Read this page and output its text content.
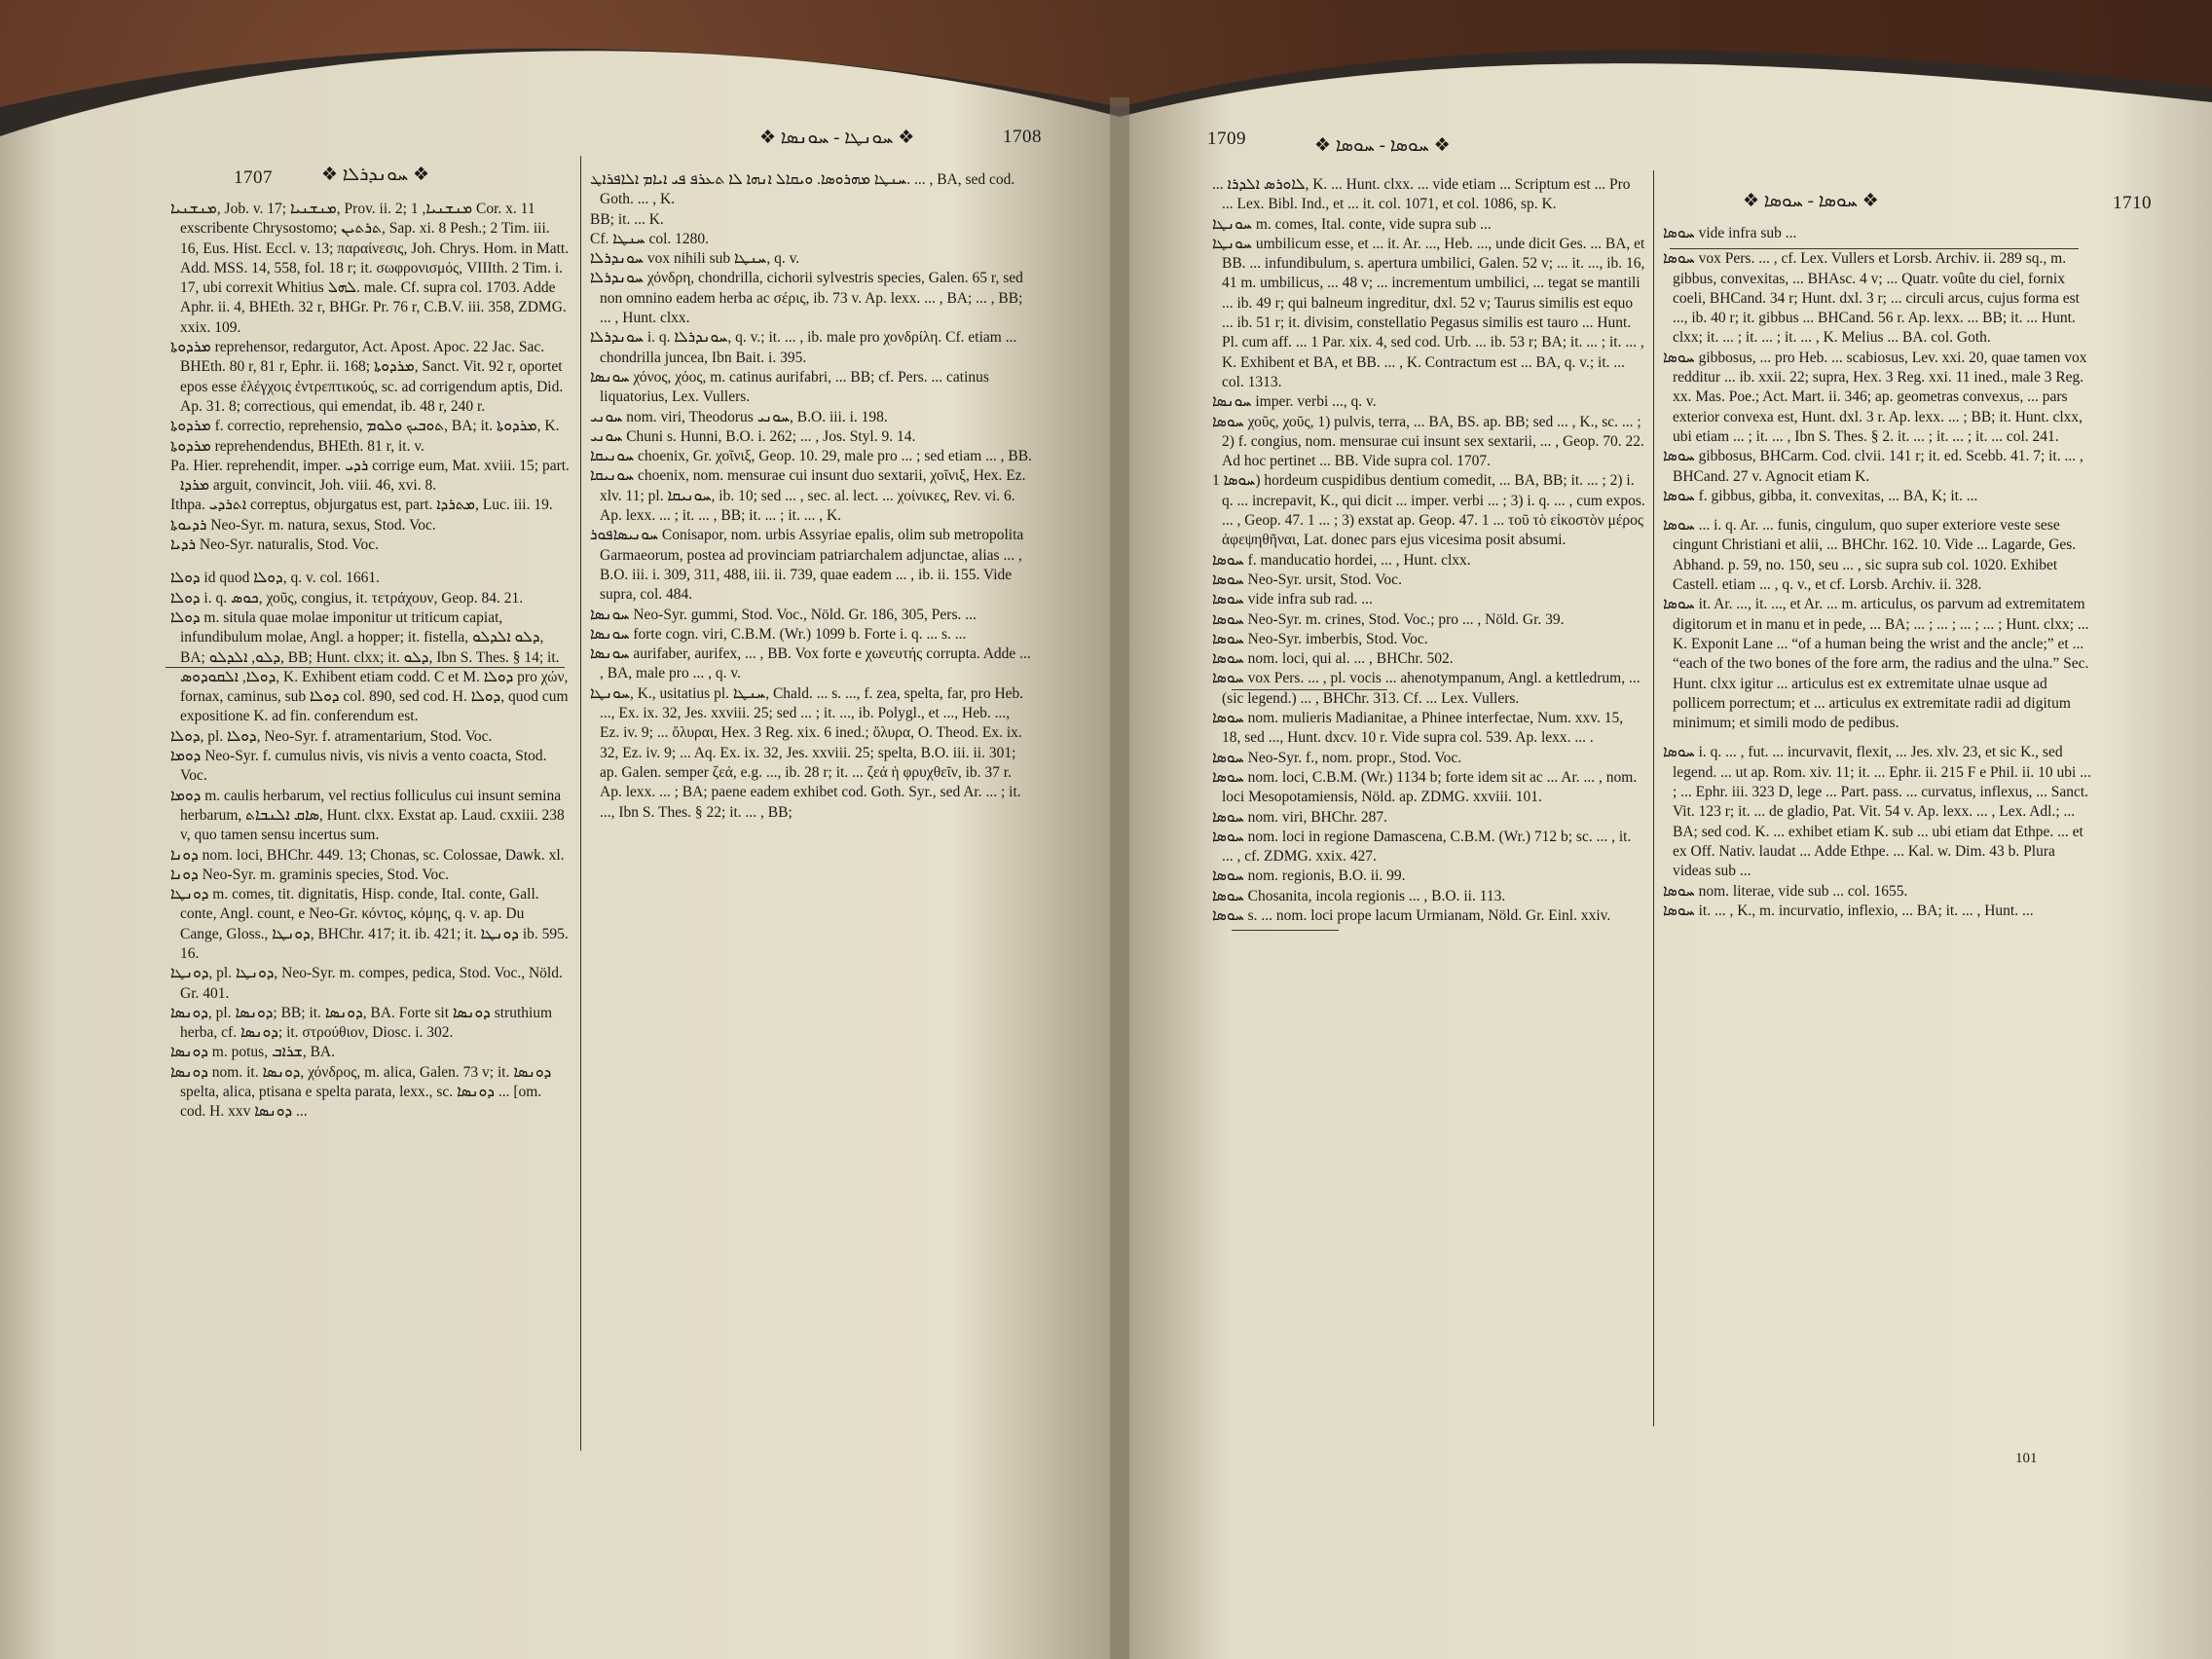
1707	❖ ܚܘܢܕܪܠܐ ❖
❖ ܚܘܢܛܐ - ܚܘܢܣܐ ❖	1708

ܡܢܫܢܝܐ, Job. v. 17; ܡܢܫܢܝܐ, Prov. ii. 2; ܡܢܫܢܝܐ, 1 Cor. x. 11 exscribente Chrysostomo; ܬܪܬܝܢ, Sap. xi. 8 Pesh.; 2 Tim. iii. 16, Eus. Hist. Eccl. v. 13; παραίνεσις, Joh. Chrys. Hom. in Matt. Add. MSS. 14, 558, fol. 18 r; it. σωφρονισμός, VIIIth. 2 Tim. i. 17, ubi correxit Whitius ܠܗܠ. male. Cf. supra col. 1703. Adde Aphr. ii. 4, BHEth. 32 r, BHGr. Pr. 76 r, C.B.V. iii. 358, ZDMG. xxix. 109.

ܡܪܕܘܬܐ reprehensor, redargutor, Act. Apost. Apoc. 22 Jac. Sac. BHEth. 80 r, 81 r, Ephr. ii. 168; ܡܪܕܘܬܐ, Sanct. Vit. 92 r, oportet epos esse ἐλέγχοις ἐντρεπτικούς, sc. ad corrigendum aptis, Did. Ap. 31. 8; correctious, qui emendat, ib. 48 r, 240 r.

ܡܪܕܘܬܐ f. correctio, reprehensio, ܬܘܒܝܟ ܘܠܘܡ, BA; it. ܡܪܕܘܬܐ, K.

ܡܪܕܘܬܐ reprehendendus, BHEth. 81 r, it. v.

Pa. Hier. reprehendit, imper. ܪܕܝ corrige eum, Mat. xviii. 15; part. ܡܪܕܐ arguit, convincit, Joh. viii. 46, xvi. 8.

Ithpa. ܐܬܪܕܝ correptus, objurgatus est, part. ܡܬܪܕܐ, Luc. iii. 19.

ܪܕܝܘܬܐ Neo-Syr. m. natura, sexus, Stod. Voc.

ܪܕܝܐ Neo-Syr. naturalis, Stod. Voc.

ܕܘܠܐ id quod ܕܘܠܐ, q. v. col. 1661.

ܕܘܠܐ i. q. ܟܘܣ, χοῦς, congius, it. τετράχουν, Geop. 84. 21.

ܕܘܠܐ m. situla quae molae imponitur ut triticum capiat, infundibulum molae, Angl. a hopper; it. fistella, ܕܠܘ ܐܠܕܠܘ, BA; ܕܠܘ, ܐܠܕܠܘ, BB; Hunt. clxx; it. ܕܠܘ, Ibn S. Thes. § 14; it. ܕܘܠܐ, ܐܠܩܘܕܘܣ, K. Exhibent etiam codd. C et M. ܕܘܠܐ pro χών, fornax, caminus, sub ܕܘܠܐ col. 890, sed cod. H. ܕܘܠܐ, quod cum expositione K. ad fin. conferendum est.

ܕܘܠܐ, pl. ܕܘܠܐ, Neo-Syr. f. atramentarium, Stod. Voc.

ܕܘܡܐ Neo-Syr. f. cumulus nivis, vis nivis a vento coacta, Stod. Voc.

ܕܘܡܐ m. caulis herbarum, vel rectius folliculus cui insunt semina herbarum, ܣܐܩ ܐܠܢܒܐܬ, Hunt. clxx. Exstat ap. Laud. cxxiii. 238 v, quo tamen sensu incertus sum.

ܕܘܢܐ nom. loci, BHChr. 449. 13; Chonas, sc. Colossae, Dawk. xl.

ܕܘܢܐ Neo-Syr. m. graminis species, Stod. Voc.

ܕܘܢܛܐ m. comes, tit. dignitatis, Hisp. conde, Ital. conte, Gall. conte, Angl. count, e Neo-Gr. κόντος, κόμης, q. v. ap. Du Cange, Gloss., ܕܘܢܛܐ, BHChr. 417; it. ib. 421; it. ܕܘܢܛܐ ib. 595. 16.

ܕܘܢܛܐ, pl. ܕܘܢܛܐ, Neo-Syr. m. compes, pedica, Stod. Voc., Nöld. Gr. 401.

ܕܘܢܣܐ, pl. ܕܘܢܣܐ; BB; it. ܕܘܢܣܐ, BA. Forte sit ܕܘܢܣܐ struthium herba, cf. ܕܘܢܣܐ; it. στρούθιον, Diosc. i. 302.

ܕܘܢܣܐ m. potus, ܫܪܐܒ, BA.

ܕܘܢܣܐ nom. it. ܕܘܢܣܐ, χόνδρος, m. alica, Galen. 73 v; it. ܕܘܢܣܐ spelta, alica, ptisana e spelta parata, lexx., sc. ܕܘܢܣܐ ... [om. cod. H. xxv ܕܘܢܣܐ ...

ܚܢܛܐ ܡܗܪܘܣܐ. ܘܝܩܐܠ ܐܢܗܐ ܠܐ ܬܥܪܦ ܦܝ ܐܝܐܡ ܐܠܐܦܪܐܛ. ... , BA, sed cod. Goth. ... , K.

BB; it. ... K.

Cf. ܚܢܛܐ col. 1280.

ܚܘܢܕܪܠܐ vox nihili sub ܚܢܛܐ, q. v.

ܚܘܢܕܪܠܐ χόνδρη, chondrilla, cichorii sylvestris species, Galen. 65 r, sed non omnino eadem herba ac σέρις, ib. 73 v. Ap. lexx. ... , BA; ... , BB; ... , Hunt. clxx.

ܚܘܢܕܪܠܐ i. q. ܚܘܢܕܪܠܐ, q. v.; it. ... , ib. male pro χονδρίλη. Cf. etiam ... chondrilla juncea, Ibn Bait. i. 395.

ܚܘܢܣܐ χόνος, χόος, m. catinus aurifabri, ... BB; cf. Pers. ... catinus liquatorius, Lex. Vullers.

ܚܘܢܝ nom. viri, Theodorus ܚܘܢܝ, B.O. iii. i. 198.

ܚܘܢܝ Chuni s. Hunni, B.O. i. 262; ... , Jos. Styl. 9. 14.

ܚܘܢܝܩܐ choenix, Gr. χοῖνιξ, Geop. 10. 29, male pro ... ; sed etiam ... , BB.

ܚܘܢܝܩܐ choenix, nom. mensurae cui insunt duo sextarii, χοῖνιξ, Hex. Ez. xlv. 11; pl. ܚܘܢܝܩܐ, ib. 10; sed ... , sec. al. lect. ... χοίνικες, Rev. vi. 6. Ap. lexx. ... ; it. ... , BB; it. ... ; it. ... , K.

ܚܘܢܝܣܐܦܘܪ Conisapor, nom. urbis Assyriae epalis, olim sub metropolita Garmaeorum, postea ad provinciam patriarchalem adjunctae, alias ... , B.O. iii. i. 309, 311, 488, iii. ii. 739, quae eadem ... , ib. ii. 155. Vide supra, col. 484.

ܚܘܢܣܐ Neo-Syr. gummi, Stod. Voc., Nöld. Gr. 186, 305, Pers. ...

ܚܘܢܣܐ forte cogn. viri, C.B.M. (Wr.) 1099 b. Forte i. q. ... s. ...

ܚܘܢܣܐ aurifaber, aurifex, ... , BB. Vox forte e χωνευτής corrupta. Adde ... , BA, male pro ... , q. v.

ܚܘܢܛܐ, K., usitatius pl. ܚܢܛܐ, Chald. ... s. ..., f. zea, spelta, far, pro Heb. ..., Ex. ix. 32, Jes. xxviii. 25; sed ... ; it. ..., ib. Polygl., et ..., Heb. ..., Ez. iv. 9; ... ὄλυραι, Hex. 3 Reg. xix. 6 ined.; ὄλυρα, O. Theod. Ex. ix. 32, Ez. iv. 9; ... Aq. Ex. ix. 32, Jes. xxviii. 25; spelta, B.O. iii. ii. 301; ap. Galen. semper ζεά, e.g. ..., ib. 28 r; it. ... ζεά ἡ φρυχθεῖν, ib. 37 r. Ap. lexx. ... ; BA; paene eadem exhibet cod. Goth. Syr., sed Ar. ... ; it. ..., Ibn S. Thes. § 22; it. ... , BB;

1709	❖ ܚܘܣܐ - ܚܘܣܐ ❖
❖ ܚܘܣܐ - ܚܘܣܐ ❖	1710

... ܠܐܘܪܣ ܐܠܕܪܐ, K. ... Hunt. clxx. ... vide etiam ... Scriptum est ... Pro ... Lex. Bibl. Ind., et ... it. col. 1071, et col. 1086, sp. K.

ܚܘܢܛܐ m. comes, Ital. conte, vide supra sub ...

ܚܘܢܛܐ umbilicum esse, et ... it. Ar. ..., Heb. ..., unde dicit Ges. ... BA, et BB. ... infundibulum, s. apertura umbilici, Galen. 52 v; ... it. ..., ib. 16, 41 m. umbilicus, ... 48 v; ... incrementum umbilici, ... tegat se mantili ... ib. 49 r; qui balneum ingreditur, dxl. 52 v; Taurus similis est equo ... ib. 51 r; it. divisim, constellatio Pegasus similis est tauro ... Hunt. Pl. cum aff. ... 1 Par. xix. 4, sed cod. Urb. ... ib. 53 r; BA; it. ... ; it. ... , K. Exhibent et BA, et BB. ... , K. Contractum est ... BA, q. v.; it. ... col. 1313.

ܚܘܢܣܐ imper. verbi ..., q. v.

ܚܘܣܐ χοῦς, χοῦς, 1) pulvis, terra, ... BA, BS. ap. BB; sed ... , K., sc. ... ; 2) f. congius, nom. mensurae cui insunt sex sextarii, ... , Geop. 70. 22. Ad hoc pertinet ... BB. Vide supra col. 1707.

ܚܘܣܐ 1) hordeum cuspidibus dentium comedit, ... BA, BB; it. ... ; 2) i. q. ... increpavit, K., qui dicit ... imper. verbi ... ; 3) i. q. ... , cum expos. ... , Geop. 47. 1 ... ; 3) exstat ap. Geop. 47. 1 ... τοῦ τὸ εἰκοστὸν μέρος ἀφεψηθῆναι, Lat. donec pars ejus vicesima posit absumi.

ܚܘܣܐ f. manducatio hordei, ... , Hunt. clxx.

ܚܘܣܐ Neo-Syr. ursit, Stod. Voc.

ܚܘܣܐ vide infra sub rad. ...

ܚܘܣܐ Neo-Syr. m. crines, Stod. Voc.; pro ... , Nöld. Gr. 39.

ܚܘܣܐ Neo-Syr. imberbis, Stod. Voc.

ܚܘܣܐ nom. loci, qui al. ... , BHChr. 502.

ܚܘܣܐ vox Pers. ... , pl. vocis ... ahenotympanum, Angl. a kettledrum, ... (sic legend.) ... , BHChr. 313. Cf. ... Lex. Vullers.

ܚܘܣܐ nom. mulieris Madianitae, a Phinee interfectae, Num. xxv. 15, 18, sed ..., Hunt. dxcv. 10 r. Vide supra col. 539. Ap. lexx. ... .

ܚܘܣܐ Neo-Syr. f., nom. propr., Stod. Voc.

ܚܘܣܐ nom. loci, C.B.M. (Wr.) 1134 b; forte idem sit ac ... Ar. ... , nom. loci Mesopotamiensis, Nöld. ap. ZDMG. xxviii. 101.

ܚܘܣܐ nom. viri, BHChr. 287.

ܚܘܣܐ nom. loci in regione Damascena, C.B.M. (Wr.) 712 b; sc. ... , it. ... , cf. ZDMG. xxix. 427.

ܚܘܣܐ nom. regionis, B.O. ii. 99.

ܚܘܣܐ Chosanita, incola regionis ... , B.O. ii. 113.

ܚܘܣܐ s. ... nom. loci prope lacum Urmianam, Nöld. Gr. Einl. xxiv.

ܚܘܣܐ vide infra sub ...

ܚܘܣܐ vox Pers. ... , cf. Lex. Vullers et Lorsb. Archiv. ii. 289 sq., m. gibbus, convexitas, ... BHAsc. 4 v; ... Quatr. voûte du ciel, fornix coeli, BHCand. 34 r; Hunt. dxl. 3 r; ... circuli arcus, cujus forma est ..., ib. 40 r; it. gibbus ... BHCand. 56 r. Ap. lexx. ... BB; it. ... Hunt. clxx; it. ... ; it. ... ; it. ... , K. Melius ... BA. col. Goth.

ܚܘܣܐ gibbosus, ... pro Heb. ... scabiosus, Lev. xxi. 20, quae tamen vox redditur ... ib. xxii. 22; supra, Hex. 3 Reg. xxi. 11 ined., male 3 Reg. xx. Mas. Poe.; Act. Mart. ii. 346; ap. geometras convexus, ... pars exterior convexa est, Hunt. dxl. 3 r. Ap. lexx. ... ; BB; it. Hunt. clxx, ubi etiam ... ; it. ... , Ibn S. Thes. § 2. it. ... ; it. ... ; it. ... col. 241.

ܚܘܣܐ gibbosus, BHCarm. Cod. clvii. 141 r; it. ed. Scebb. 41. 7; it. ... , BHCand. 27 v. Agnocit etiam K.

ܚܘܣܐ f. gibbus, gibba, it. convexitas, ... BA, K; it. ...

ܚܘܣܐ ... i. q. Ar. ... funis, cingulum, quo super exteriore veste sese cingunt Christiani et alii, ... BHChr. 162. 10. Vide ... Lagarde, Ges. Abhand. p. 59, no. 150, seu ... , sic supra sub col. 1020. Exhibet Castell. etiam ... , q. v., et cf. Lorsb. Archiv. ii. 328.

ܚܘܣܐ it. Ar. ..., it. ..., et Ar. ... m. articulus, os parvum ad extremitatem digitorum et in manu et in pede, ... BA; ... ; ... ; ... ; ... ; Hunt. clxx; ... K. Exponit Lane ... “of a human being the wrist and the ancle;” et ... “each of the two bones of the fore arm, the radius and the ulna.” Sec. Hunt. clxx igitur ... articulus est ex extremitate ulnae usque ad pollicem porrectum; et ... articulus ex extremitate radii ad digitum minimum; et simili modo de pedibus.

ܚܘܣܐ i. q. ... , fut. ... incurvavit, flexit, ... Jes. xlv. 23, et sic K., sed legend. ... ut ap. Rom. xiv. 11; it. ... Ephr. ii. 215 F e Phil. ii. 10 ubi ... ; ... Ephr. iii. 323 D, lege ... Part. pass. ... curvatus, inflexus, ... Sanct. Vit. 123 r; it. ... de gladio, Pat. Vit. 54 v. Ap. lexx. ... , Lex. Adl.; ... BA; sed cod. K. ... exhibet etiam K. sub ... ubi etiam dat Ethpe. ... et ex Off. Nativ. laudat ... Adde Ethpe. ... Kal. w. Dim. 43 b. Plura videas sub ...

ܚܘܣܐ nom. literae, vide sub ... col. 1655.

ܚܘܣܐ it. ... , K., m. incurvatio, inflexio, ... BA; it. ... , Hunt. ...

101
